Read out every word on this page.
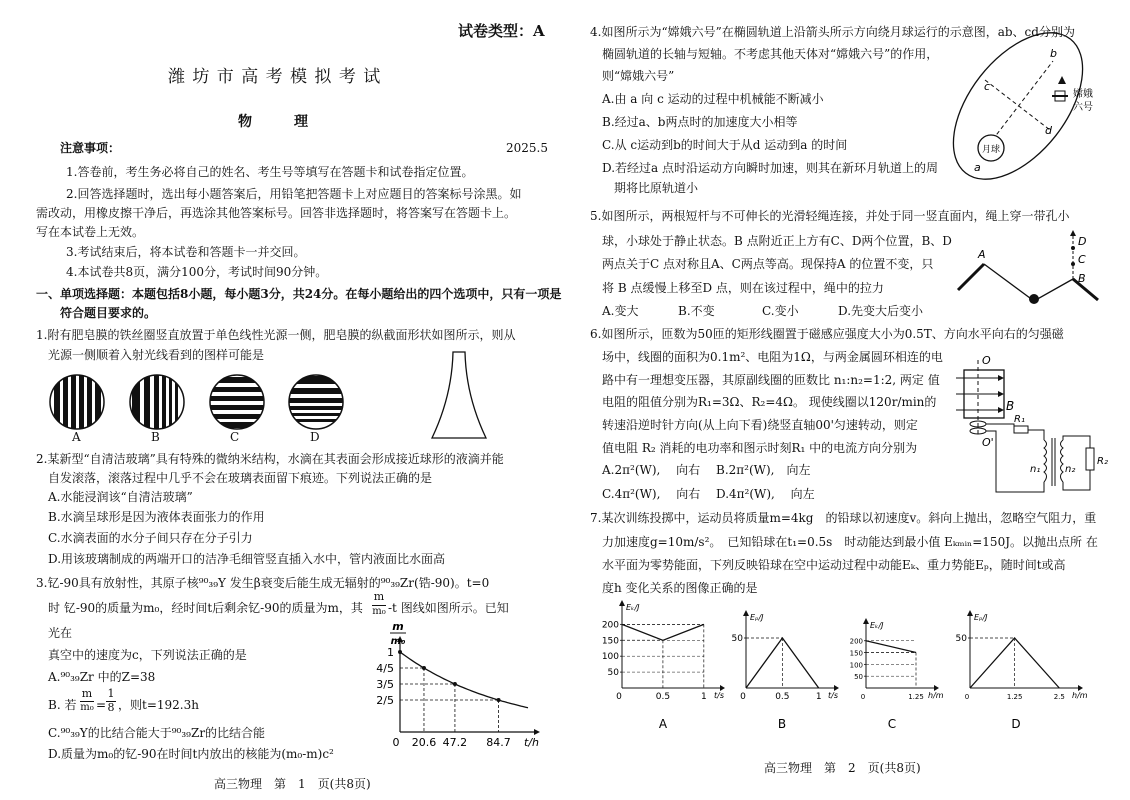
试卷类型：A
潍 坊 市 高 考 模 拟 考 试
物　　　理
注意事项：	2025.5
1.答卷前，考生务必将自己的姓名、考生号等填写在答题卡和试卷指定位置。
2.回答选择题时，选出每小题答案后，用铅笔把答题卡上对应题目的答案标号涂黑。如
需改动，用橡皮擦干净后，再选涂其他答案标号。回答非选择题时，将答案写在答题卡上。
写在本试卷上无效。
3.考试结束后，将本试卷和答题卡一并交回。
4.本试卷共8页，满分100分，考试时间90分钟。
一、单项选择题：本题包括8小题，每小题3分，共24分。在每小题给出的四个选项中，只有一项是
符合题目要求的。
1.附有肥皂膜的铁丝圈竖直放置于单色线性光源一侧，肥皂膜的纵截面形状如图所示，则从
光源一侧顺着入射光线看到的图样可能是
A	B	C	D
2.某新型“自清洁玻璃”具有特殊的微纳米结构，水滴在其表面会形成接近球形的液滴并能
自发滚落，滚落过程中几乎不会在玻璃表面留下痕迹。下列说法正确的是
A.水能浸润该“自清洁玻璃”
B.水滴呈球形是因为液体表面张力的作用
C.水滴表面的水分子间只存在分子引力
D.用该玻璃制成的两端开口的洁净毛细管竖直插入水中，管内液面比水面高
3.钇-90具有放射性，其原子核⁹⁰₃₉Y 发生β衰变后能生成无辐射的⁹⁰₃₉Zr(锆-90)。t=0
时 钇-90的质量为m₀，经时间t后剩余钇-90的质量为m，其
m
m₀ -t 图线如图所示。已知
光在
真空中的速度为c，下列说法正确的是
A.⁹⁰₃₉Zr 中的Z=38
B. 若
m
m₀ =
1
8 ，则t=192.3h
C.⁹⁰₃₉Y的比结合能大于⁹⁰₃₉Zr的比结合能
D.质量为m₀的钇-90在时间t内放出的核能为(m₀-m)c²
m
m₀
1
4/5
3/5
2/5
0 20.6 47.2 84.7 t/h
高三物理　第　1　页(共8页)
4.如图所示为“嫦娥六号”在椭圆轨道上沿箭头所示方向绕月球运行的示意图，ab、cd分别为
椭圆轨道的长轴与短轴。不考虑其他天体对“嫦娥六号”的作用，
则“嫦娥六号”
A.由 a 向 c 运动的过程中机械能不断减小
B.经过a、b两点时的加速度大小相等
C.从 c运动到b的时间大于从d 运动到a 的时间
D.若经过a 点时沿运动方向瞬时加速，则其在新环月轨道上的周
期将比原轨道小
月球
a
b
c
d
嫦娥
六号
5.如图所示，两根短杆与不可伸长的光滑轻绳连接，并处于同一竖直面内，绳上穿一带孔小
球，小球处于静止状态。B 点附近正上方有C、D两个位置，B、D
两点关于C 点对称且A、C两点等高。现保持A 的位置不变，只
将 B 点缓慢上移至D 点，则在该过程中，绳中的拉力
A.变大	B.不变	C.变小	D.先变大后变小
A
D
C
B
6.如图所示，匝数为50匝的矩形线圈置于磁感应强度大小为0.5T、方向水平向右的匀强磁
场中，线圈的面积为0.1m²、电阻为1Ω，与两金属圆环相连的电
路中有一理想变压器，其原副线圈的匝数比 n₁:n₂=1:2, 两定 值
电阻的阻值分别为R₁=3Ω、R₂=4Ω。 现使线圈以120r/min的
转速沿逆时针方向(从上向下看)绕竖直轴00'匀速转动，则定
值电阻 R₂ 消耗的电功率和图示时刻R₁ 中的电流方向分别为
A.2π²(W),　 向右 B.2π²(W),　向左
C.4π²(W),　 向右 D.4π²(W),　 向左
O
O'
B
R₁
n₁ n₂
R₂
7.某次训练投掷中，运动员将质量m=4kg　的铅球以初速度v。斜向上抛出，忽略空气阻力，重
力加速度g=10m/s²。　已知铅球在t₁=0.5s　时动能达到最小值 Eₖₘᵢₙ=150J。以抛出点所 在
水平面为零势能面，下列反映铅球在空中运动过程中动能Eₖ、重力势能Eₚ，随时间t或高
度h 变化关系的图像正确的是
Eₖ/J
t/s
200
150
100
50
0	0.5	1
A
Eₚ/J
t/s
50
0	0.5	1
B
Eₖ/J
h/m
200
150
100
50
0	1.25
C
Eₚ/J
h/m
50
0	1.25	2.5
D
高三物理　第　2　页(共8页)
